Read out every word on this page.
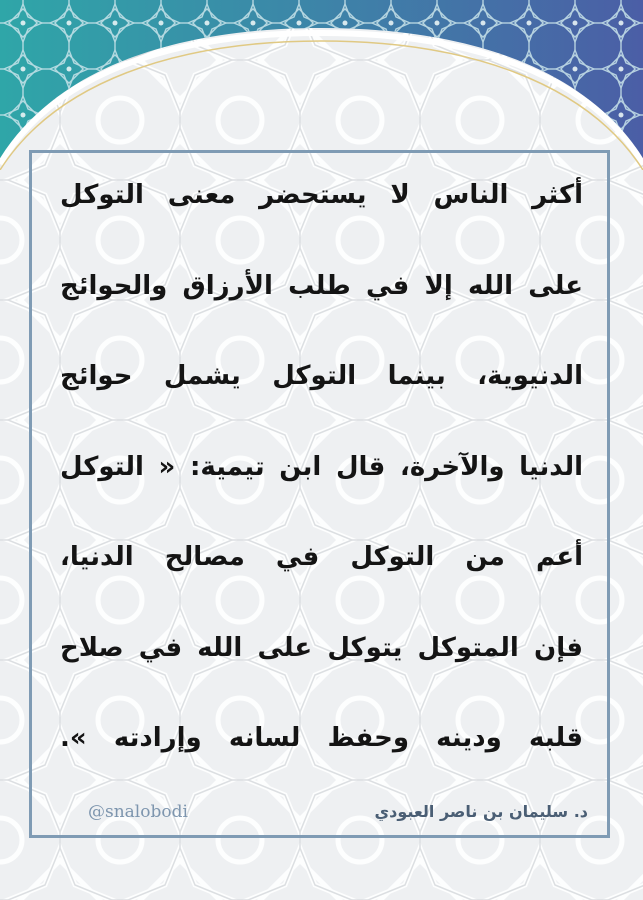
أكثر الناس لا يستحضر معنى التوكل
على الله إلا في طلب الأرزاق والحوائج
الدنيوية، بينما التوكل يشمل حوائج
الدنيا والآخرة، قال ابن تيمية: « التوكل
أعم من التوكل في مصالح الدنيا،
فإن المتوكل يتوكل على الله في صلاح
قلبه ودينه وحفظ لسانه وإرادته ».
د. سليمان بن ناصر العبودي
@snalobodi
